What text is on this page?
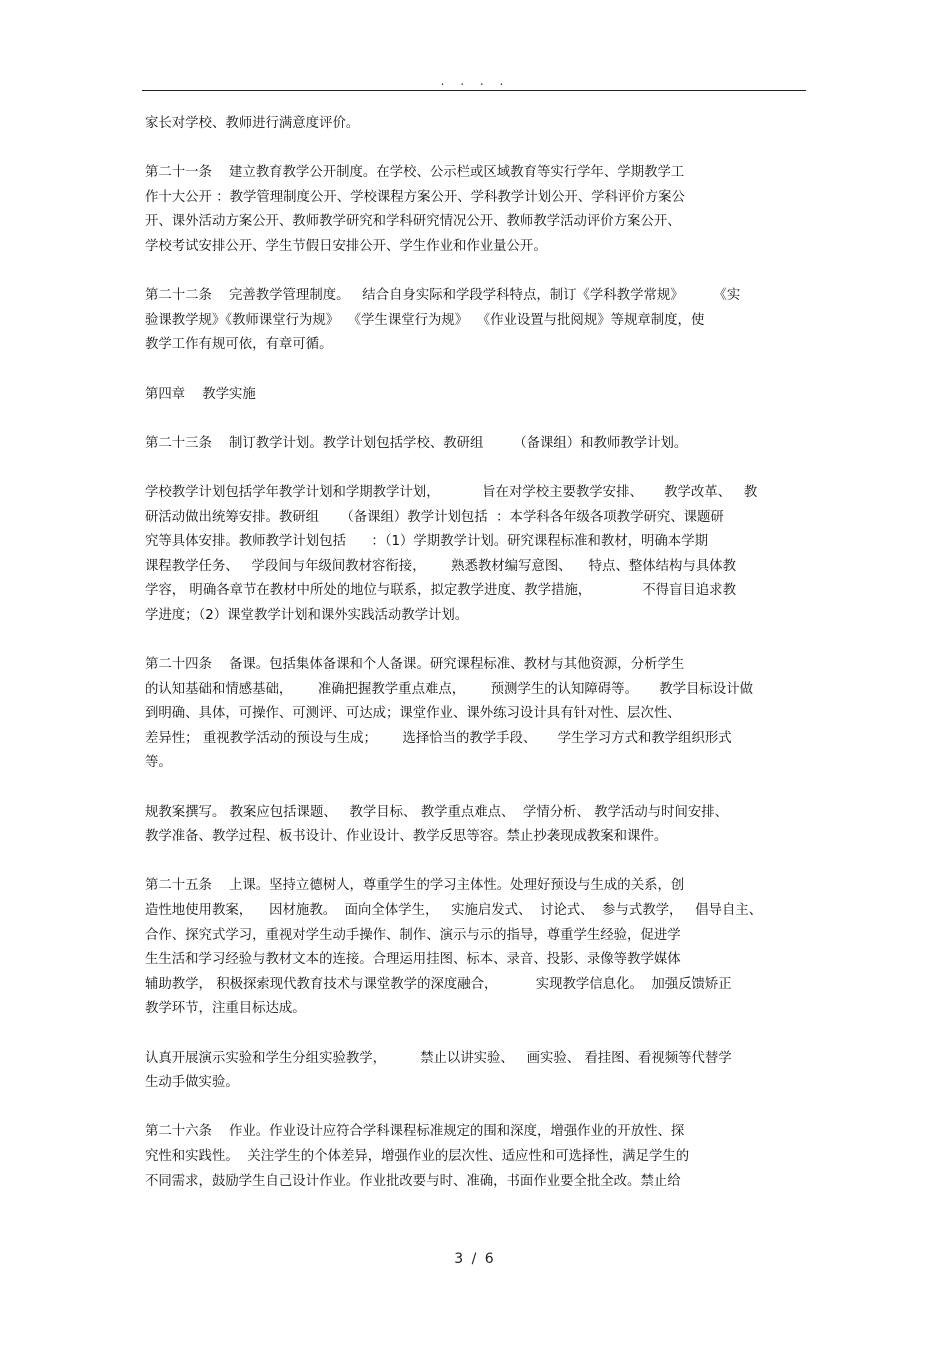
. . . .
家长对学校、教师进行满意度评价。
第二十一条    建立教育教学公开制度。在学校、公示栏或区域教育等实行学年、学期教学工
作十大公开 ：教学管理制度公开、学校课程方案公开、学科教学计划公开、学科评价方案公
开、课外活动方案公开、教师教学研究和学科研究情况公开、教师教学活动评价方案公开、
学校考试安排公开、学生节假日安排公开、学生作业和作业量公开。
第二十二条    完善教学管理制度。   结合自身实际和学段学科特点，制订《学科教学常规》       《实
验课教学规》《教师课堂行为规》  《学生课堂行为规》  《作业设置与批阅规》等规章制度，使
教学工作有规可依，有章可循。
第四章    教学实施
第二十三条    制订教学计划。教学计划包括学校、教研组       （备课组）和教师教学计划。
学校教学计划包括学年教学计划和学期教学计划，          旨在对学校主要教学安排、     教学改革、   教
研活动做出统筹安排。教研组     （备课组）教学计划包括  ：本学科各年级各项教学研究、课题研
究等具体安排。教师教学计划包括      ：（1）学期教学计划。研究课程标准和教材，明确本学期
课程教学任务、   学段间与年级间教材容衔接，      熟悉教材编写意图、    特点、整体结构与具体教
学容， 明确各章节在教材中所处的地位与联系，拟定教学进度、教学措施，            不得盲目追求教
学进度；（2）课堂教学计划和课外实践活动教学计划。
第二十四条    备课。包括集体备课和个人备课。研究课程标准、教材与其他资源，分析学生
的认知基础和情感基础，      准确把握教学重点难点，      预测学生的认知障碍等。     教学目标设计做
到明确、具体，可操作、可测评、可达成；课堂作业、课外练习设计具有针对性、层次性、
差异性； 重视教学活动的预设与生成；      选择恰当的教学手段、     学生学习方式和教学组织形式
等。
规教案撰写。 教案应包括课题、   教学目标、 教学重点难点、  学情分析、 教学活动与时间安排、
教学准备、教学过程、板书设计、作业设计、教学反思等容。禁止抄袭现成教案和课件。
第二十五条    上课。坚持立德树人，尊重学生的学习主体性。处理好预设与生成的关系，创
造性地使用教案，    因材施教。  面向全体学生，   实施启发式、  讨论式、  参与式教学，   倡导自主、
合作、探究式学习，重视对学生动手操作、制作、演示与示的指导，尊重学生经验，促进学
生生活和学习经验与教材文本的连接。合理运用挂图、标本、录音、投影、录像等教学媒体
辅助教学， 积极探索现代教育技术与课堂教学的深度融合，         实现教学信息化。  加强反馈矫正
教学环节，注重目标达成。
认真开展演示实验和学生分组实验教学，        禁止以讲实验、   画实验、 看挂图、看视频等代替学
生动手做实验。
第二十六条    作业。作业设计应符合学科课程标准规定的围和深度，增强作业的开放性、探
究性和实践性。  关注学生的个体差异，增强作业的层次性、适应性和可选择性，满足学生的
不同需求，鼓励学生自己设计作业。作业批改要与时、准确，书面作业要全批全改。禁止给
3 / 6
